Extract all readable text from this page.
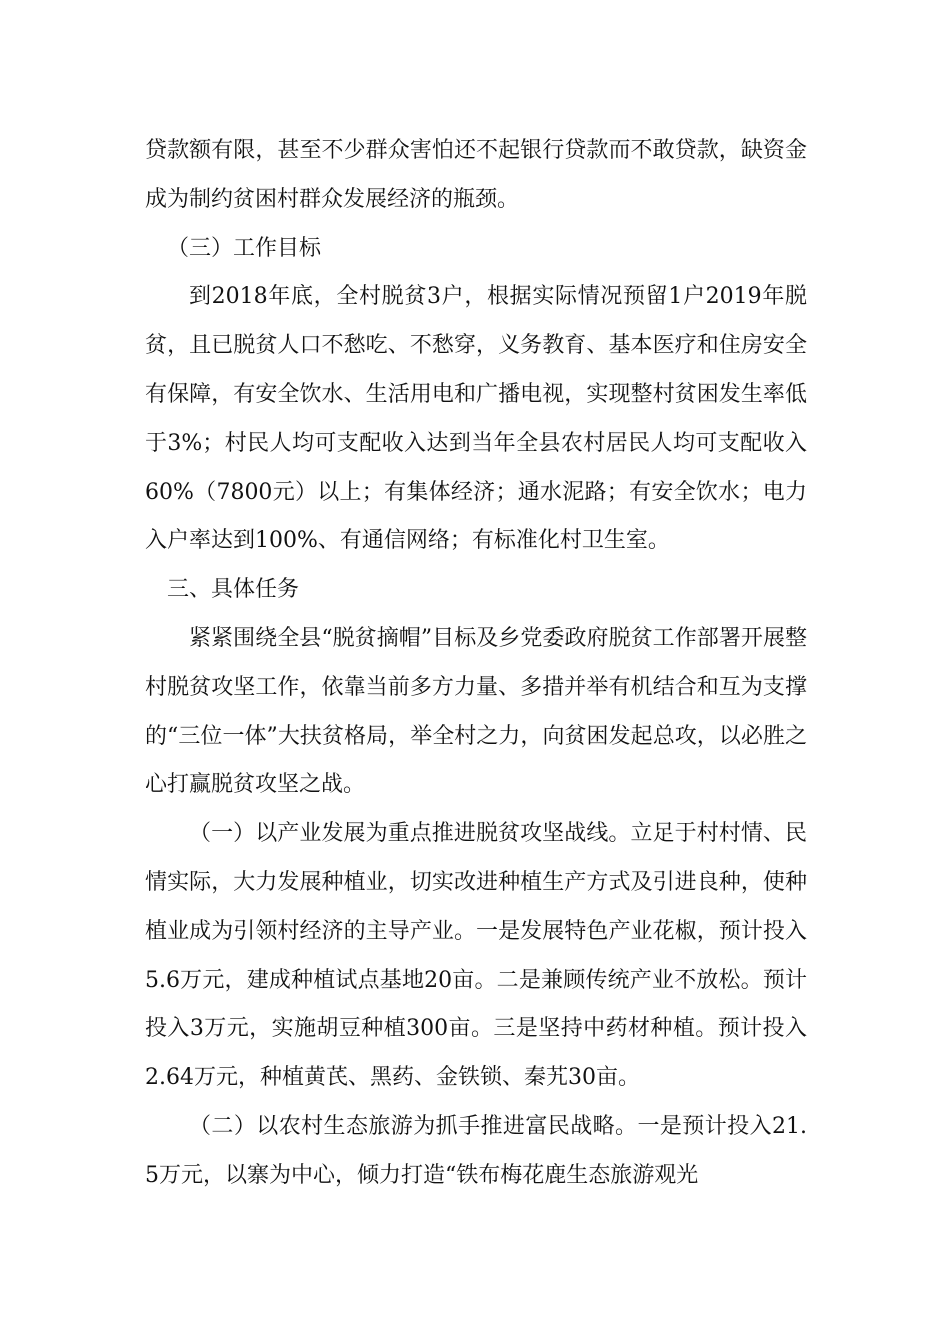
贷款额有限，甚至不少群众害怕还不起银行贷款而不敢贷款，缺资金成为制约贫困村群众发展经济的瓶颈。

（三）工作目标

到2018年底，全村脱贫3户，根据实际情况预留1户2019年脱贫，且已脱贫人口不愁吃、不愁穿，义务教育、基本医疗和住房安全有保障，有安全饮水、生活用电和广播电视，实现整村贫困发生率低于3%；村民人均可支配收入达到当年全县农村居民人均可支配收入60%（7800元）以上；有集体经济；通水泥路；有安全饮水；电力入户率达到100%、有通信网络；有标准化村卫生室。

三、具体任务

紧紧围绕全县“脱贫摘帽”目标及乡党委政府脱贫工作部署开展整村脱贫攻坚工作，依靠当前多方力量、多措并举有机结合和互为支撑的“三位一体”大扶贫格局，举全村之力，向贫困发起总攻，以必胜之心打赢脱贫攻坚之战。

（一）以产业发展为重点推进脱贫攻坚战线。立足于村村情、民情实际，大力发展种植业，切实改进种植生产方式及引进良种，使种植业成为引领村经济的主导产业。一是发展特色产业花椒，预计投入5.6万元，建成种植试点基地20亩。二是兼顾传统产业不放松。预计投入3万元，实施胡豆种植300亩。三是坚持中药材种植。预计投入2.64万元，种植黄芪、黑药、金铁锁、秦艽30亩。

（二）以农村生态旅游为抓手推进富民战略。一是预计投入21.5万元，以寨为中心，倾力打造“铁布梅花鹿生态旅游观光
